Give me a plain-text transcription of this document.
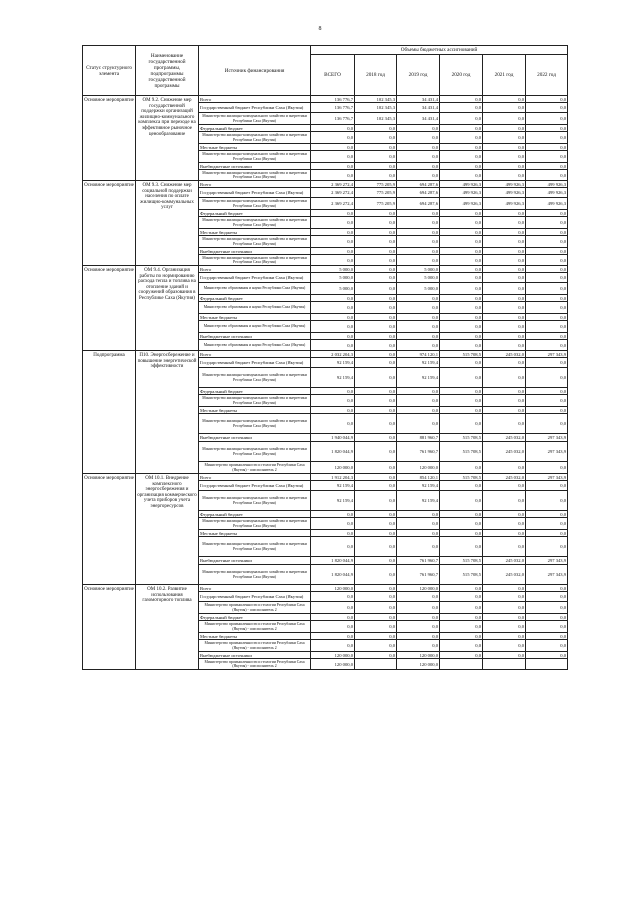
8
Статус структурного элемента	Наименование государственной программы, подпрограммы государственной программы	Источник финансирования	Объемы бюджетных ассигнований					
			ВСЕГО	2018 год	2019 год	2020 год	2021 год	2022 год
Основное мероприятие	ОМ 9.2. Снижение мер государственной поддержки организаций жилищно-коммунального комплекса при переходе на эффективное рыночное ценообразование	Всего	136 776,7	102 345,3	34 431,4	0,0	0,0	0,0
		Государственный бюджет Республики Саха (Якутия)	136 776,7	102 345,3	34 431,4	0,0	0,0	0,0
		Министерство жилищно-коммунального хозяйства и энергетики Республики Саха (Якутия)	136 776,7	102 345,3	34 431,4	0,0	0,0	0,0
		Федеральный бюджет	0,0	0,0	0,0	0,0	0,0	0,0
		Министерство жилищно-коммунального хозяйства и энергетики Республики Саха (Якутия)	0,0	0,0	0,0	0,0	0,0	0,0
		Местные бюджеты	0,0	0,0	0,0	0,0	0,0	0,0
		Министерство жилищно-коммунального хозяйства и энергетики Республики Саха (Якутия)	0,0	0,0	0,0	0,0	0,0	0,0
		Внебюджетные источники	0,0	0,0	0,0	0,0	0,0	0,0
		Министерство жилищно-коммунального хозяйства и энергетики Республики Саха (Якутия)	0,0	0,0	0,0	0,0	0,0	0,0
Основное мероприятие	ОМ 9.3. Снижение мер социальной поддержки населения по оплате жилищно-коммунальных услуг	Всего	2 369 272,4	775 205,9	694 287,6	499 926,3	499 926,3	499 926,3
		Государственный бюджет Республики Саха (Якутия)	2 369 272,4	775 205,9	694 287,6	499 926,3	499 926,3	499 926,3
		Министерство жилищно-коммунального хозяйства и энергетики Республики Саха (Якутия)	2 369 272,4	775 205,9	694 287,6	499 926,3	499 926,3	499 926,3
		Федеральный бюджет	0,0	0,0	0,0	0,0	0,0	0,0
		Министерство жилищно-коммунального хозяйства и энергетики Республики Саха (Якутия)	0,0	0,0	0,0	0,0	0,0	0,0
		Местные бюджеты	0,0	0,0	0,0	0,0	0,0	0,0
		Министерство жилищно-коммунального хозяйства и энергетики Республики Саха (Якутия)	0,0	0,0	0,0	0,0	0,0	0,0
		Внебюджетные источники	0,0	0,0	0,0	0,0	0,0	0,0
		Министерство жилищно-коммунального хозяйства и энергетики Республики Саха (Якутия)	0,0	0,0	0,0	0,0	0,0	0,0
Основное мероприятие	ОМ 9.4. Организация работы по нормированию расхода тепла и топлива на отопление зданий и сооружений образования в Республике Саха (Якутия)	Всего	5 000,0	0,0	5 000,0	0,0	0,0	0,0
		Государственный бюджет Республики Саха (Якутия)	5 000,0	0,0	5 000,0	0,0	0,0	0,0
		Министерство образования и науки Республики Саха (Якутия)	5 000,0	0,0	5 000,0	0,0	0,0	0,0
		Федеральный бюджет	0,0	0,0	0,0	0,0	0,0	0,0
		Министерство образования и науки Республики Саха (Якутия)	0,0	0,0	0,0	0,0	0,0	0,0
		Местные бюджеты	0,0	0,0	0,0	0,0	0,0	0,0
		Министерство образования и науки Республики Саха (Якутия)	0,0	0,0	0,0	0,0	0,0	0,0
		Внебюджетные источники	0,0	0,0	0,0	0,0	0,0	0,0
		Министерство образования и науки Республики Саха (Якутия)	0,0	0,0	0,0	0,0	0,0	0,0
Подпрограмма	П10. Энергосбережение и повышение энергетической эффективности	Всего	2 032 204,3	0,0	974 120,1	515 708,5	245 032,0	297 343,9
		Государственный бюджет Республики Саха (Якутия)	92 159,4	0,0	92 159,4	0,0	0,0	0,0
		Министерство жилищно-коммунального хозяйства и энергетики Республики Саха (Якутия)	92 159,4	0,0	92 159,4	0,0	0,0	0,0
		Федеральный бюджет	0,0	0,0	0,0	0,0	0,0	0,0
		Министерство жилищно-коммунального хозяйства и энергетики Республики Саха (Якутия)	0,0	0,0	0,0	0,0	0,0	0,0
		Местные бюджеты	0,0	0,0	0,0	0,0	0,0	0,0
		Министерство жилищно-коммунального хозяйства и энергетики Республики Саха (Якутия)	0,0	0,0	0,0	0,0	0,0	0,0
		Внебюджетные источники	1 940 044,9	0,0	881 960,7	515 708,5	245 032,0	297 343,9
		Министерство жилищно-коммунального хозяйства и энергетики Республики Саха (Якутия)	1 820 044,9	0,0	761 960,7	515 708,5	245 032,0	297 343,9
		Министерство промышленности и геологии Республики Саха (Якутия) - соисполнитель 2	120 000,0	0,0	120 000,0	0,0	0,0	0,0
Основное мероприятие	ОМ 10.1. Внедрение комплексного энергосбережения и организация коммерческого учета приборов учета энергоресурсов	Всего	1 912 204,3	0,0	854 120,1	515 708,5	245 032,0	297 343,9
		Государственный бюджет Республики Саха (Якутия)	92 159,4	0,0	92 159,4	0,0	0,0	0,0
		Министерство жилищно-коммунального хозяйства и энергетики Республики Саха (Якутия)	92 159,4	0,0	92 159,4	0,0	0,0	0,0
		Федеральный бюджет	0,0	0,0	0,0	0,0	0,0	0,0
		Министерство жилищно-коммунального хозяйства и энергетики Республики Саха (Якутия)	0,0	0,0	0,0	0,0	0,0	0,0
		Местные бюджеты	0,0	0,0	0,0	0,0	0,0	0,0
		Министерство жилищно-коммунального хозяйства и энергетики Республики Саха (Якутия)	0,0	0,0	0,0	0,0	0,0	0,0
		Внебюджетные источники	1 820 044,9	0,0	761 960,7	515 708,5	245 032,0	297 343,9
		Министерство жилищно-коммунального хозяйства и энергетики Республики Саха (Якутия)	1 820 044,9	0,0	761 960,7	515 708,5	245 032,0	297 343,9
Основное мероприятие	ОМ 10.2. Развитие использования газомоторного топлива	Всего	120 000,0	0,0	120 000,0	0,0	0,0	0,0
		Государственный бюджет Республики Саха (Якутия)	0,0	0,0	0,0	0,0	0,0	0,0
		Министерство промышленности и геологии Республики Саха (Якутия) - соисполнитель 2	0,0	0,0	0,0	0,0	0,0	0,0
		Федеральный бюджет	0,0	0,0	0,0	0,0	0,0	0,0
		Министерство промышленности и геологии Республики Саха (Якутия) - соисполнитель 2	0,0	0,0	0,0	0,0	0,0	0,0
		Местные бюджеты	0,0	0,0	0,0	0,0	0,0	0,0
		Министерство промышленности и геологии Республики Саха (Якутия) - соисполнитель 2	0,0	0,0	0,0	0,0	0,0	0,0
		Внебюджетные источники	120 000,0	0,0	120 000,0	0,0	0,0	0,0
		Министерство промышленности и геологии Республики Саха (Якутия) - соисполнитель 2	120 000,0		120 000,0			
